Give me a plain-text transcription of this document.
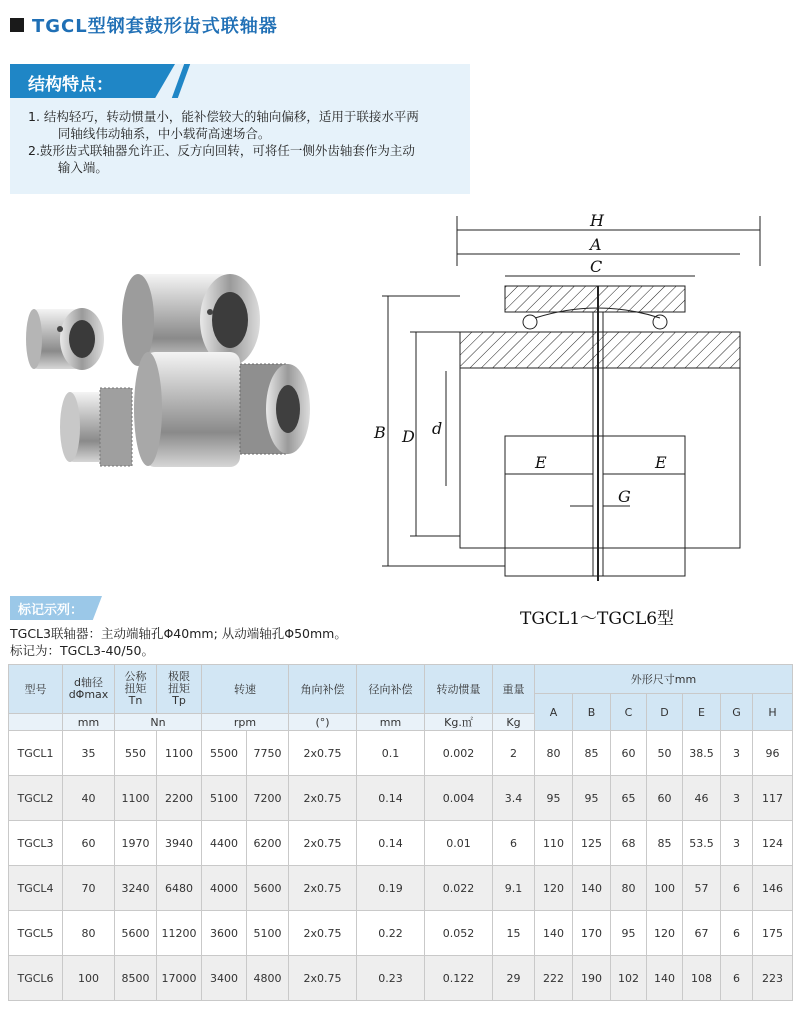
TGCL型钢套鼓形齿式联轴器
结构特点：

1. 结构轻巧，转动惯量小，能补偿较大的轴向偏移，适用于联接水平两

同轴线伟动轴系，中小载荷高速场合。

2.鼓形齿式联轴器允许正、反方向回转，可将任一侧外齿轴套作为主动

输入端。

H
A
C
B D d
E	E
G
TGCL1～TGCL6型
标记示列：
TGCL3联轴器：主动端轴孔Φ40mm; 从动端轴孔Φ50mm。
标记为：TGCL3-40/50。
型号	d轴径
dΦmax	公称
扭矩
Tn	极限
扭矩
Tp	转速		角向补偿	径向补偿	转动惯量	重量	外形尺寸mm						
										A	B	C	D	E	G	H
	mm	Nn		rpm		(°)	mm	Kg.㎡	Kg							
TGCL1	35	550	1100	5500	7750	2x0.75	0.1	0.002	2	80	85	60	50	38.5	3	96
TGCL2	40	1100	2200	5100	7200	2x0.75	0.14	0.004	3.4	95	95	65	60	46	3	117
TGCL3	60	1970	3940	4400	6200	2x0.75	0.14	0.01	6	110	125	68	85	53.5	3	124
TGCL4	70	3240	6480	4000	5600	2x0.75	0.19	0.022	9.1	120	140	80	100	57	6	146
TGCL5	80	5600	11200	3600	5100	2x0.75	0.22	0.052	15	140	170	95	120	67	6	175
TGCL6	100	8500	17000	3400	4800	2x0.75	0.23	0.122	29	222	190	102	140	108	6	223
